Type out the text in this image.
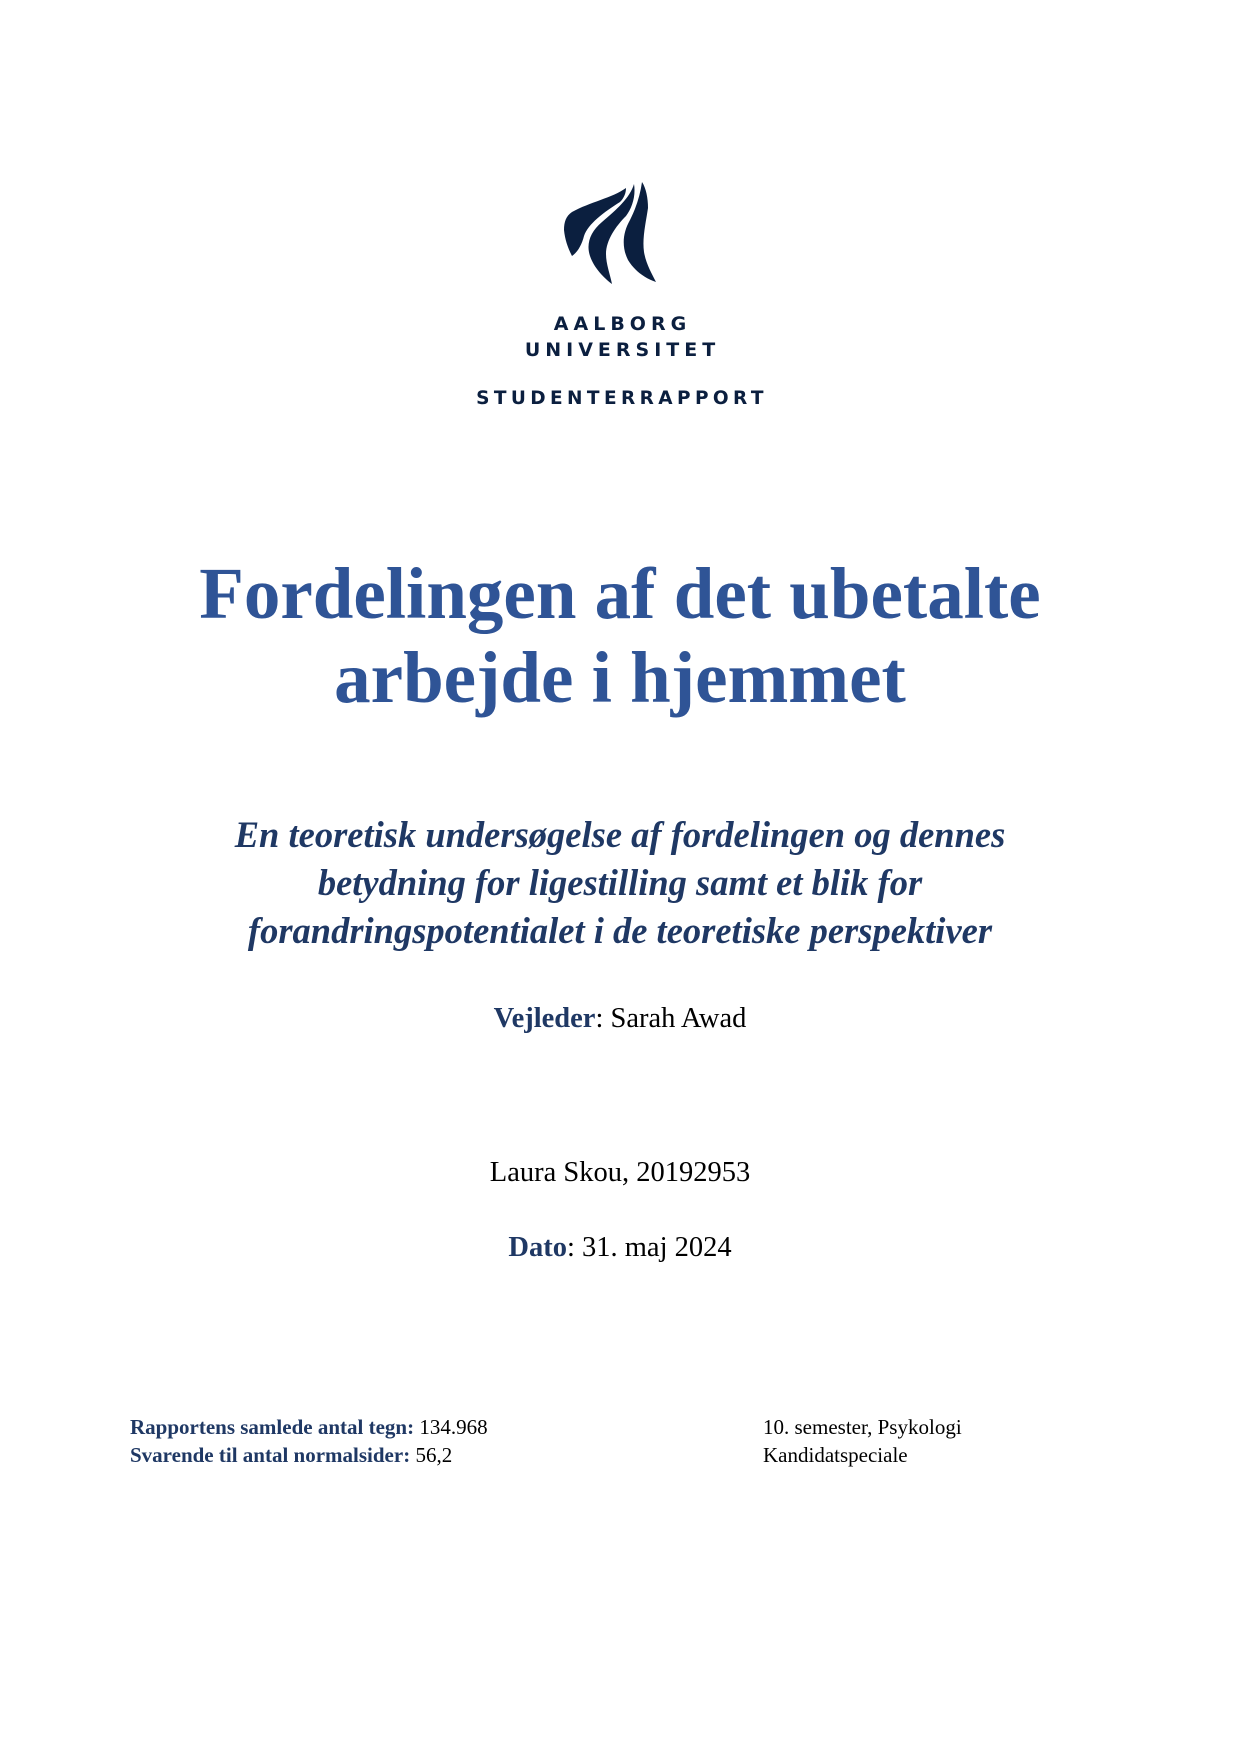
AALBORG
UNIVERSITET
STUDENTERRAPPORT
Fordelingen af det ubetalte
arbejde i hjemmet
En teoretisk undersøgelse af fordelingen og dennes
betydning for ligestilling samt et blik for
forandringspotentialet i de teoretiske perspektiver
Vejleder: Sarah Awad
Laura Skou, 20192953
Dato: 31. maj 2024
Rapportens samlede antal tegn: 134.968
Svarende til antal normalsider: 56,2
10. semester, Psykologi
Kandidatspeciale
